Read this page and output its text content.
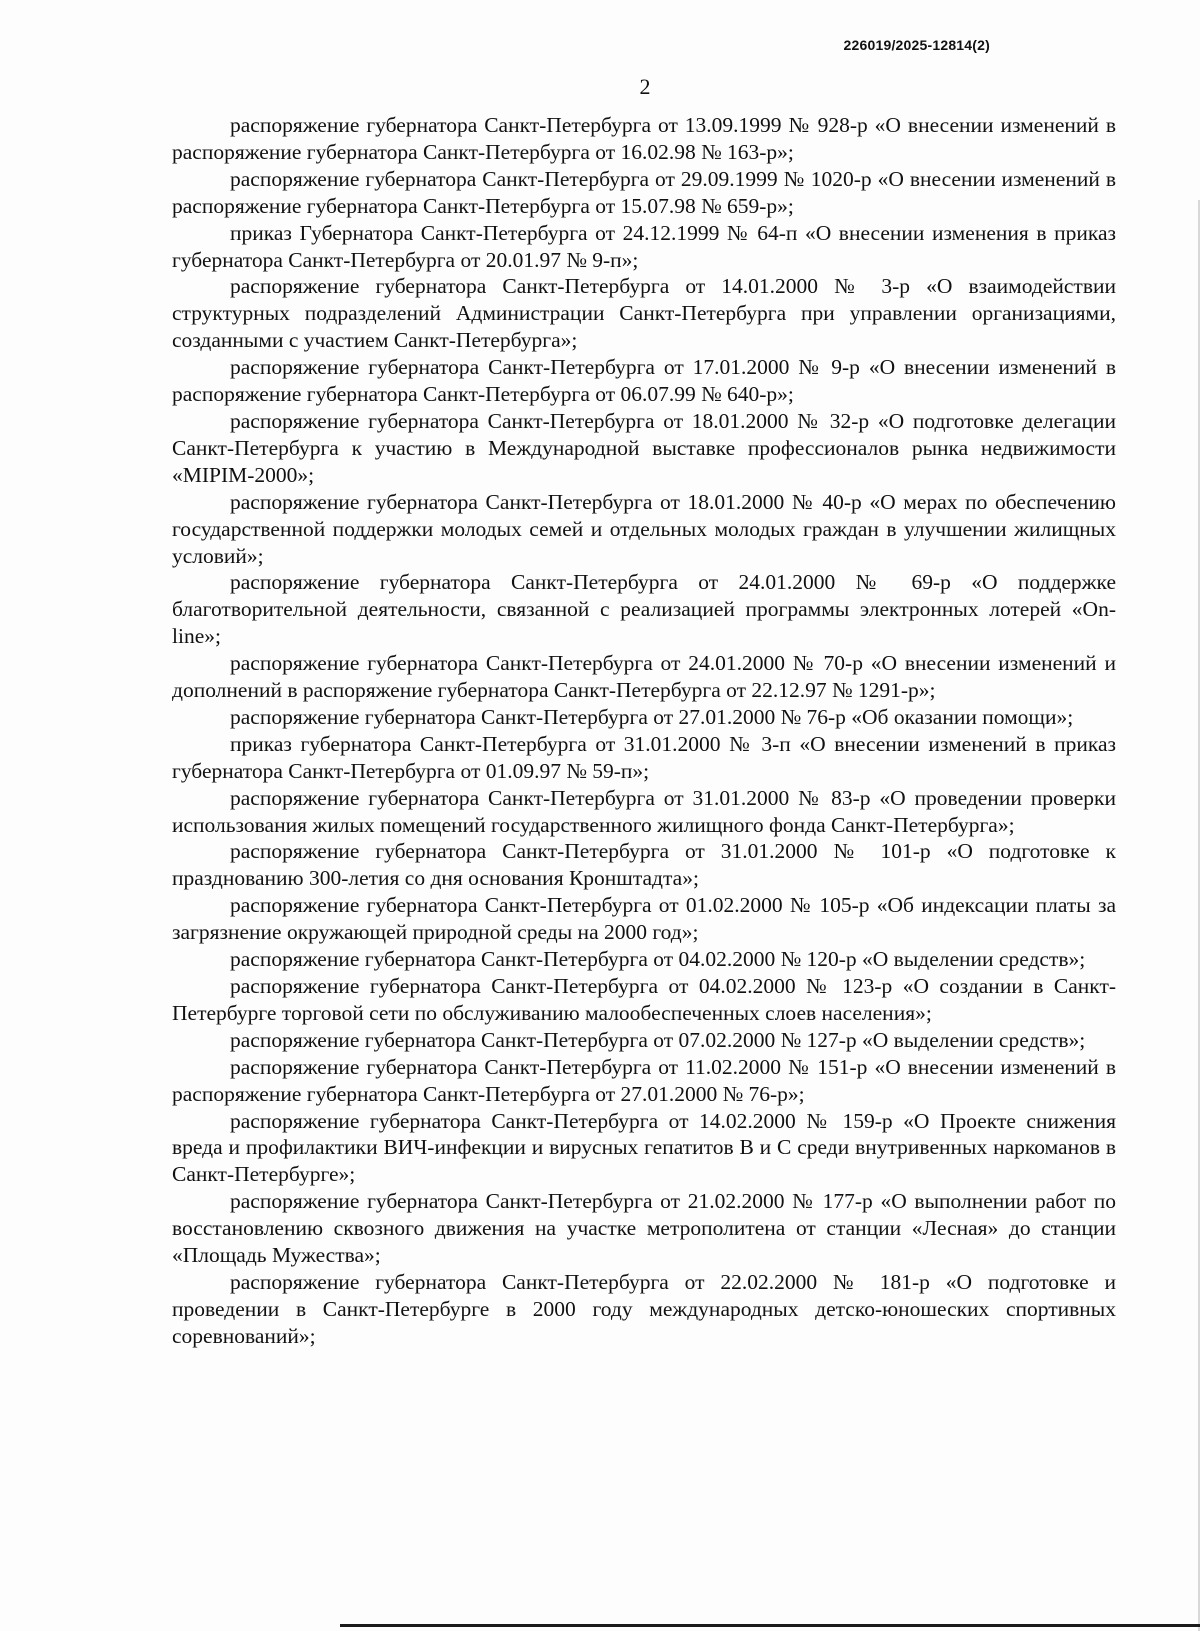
226019/2025-12814(2)
2

распоряжение губернатора Санкт-Петербурга от 13.09.1999 № 928-р «О внесении изменений в распоряжение губернатора Санкт-Петербурга от 16.02.98 № 163-р»;

распоряжение губернатора Санкт-Петербурга от 29.09.1999 № 1020-р «О внесении изменений в распоряжение губернатора Санкт-Петербурга от 15.07.98 № 659-р»;

приказ Губернатора Санкт-Петербурга от 24.12.1999 № 64-п «О внесении изменения в приказ губернатора Санкт-Петербурга от 20.01.97 № 9-п»;

распоряжение губернатора Санкт-Петербурга от 14.01.2000 № 3-р «О взаимодействии структурных подразделений Администрации Санкт-Петербурга при управлении организациями, созданными с участием Санкт-Петербурга»;

распоряжение губернатора Санкт-Петербурга от 17.01.2000 № 9-р «О внесении изменений в распоряжение губернатора Санкт-Петербурга от 06.07.99 № 640-р»;

распоряжение губернатора Санкт-Петербурга от 18.01.2000 № 32-р «О подготовке делегации Санкт-Петербурга к участию в Международной выставке профессионалов рынка недвижимости «MIPIM-2000»;

распоряжение губернатора Санкт-Петербурга от 18.01.2000 № 40-р «О мерах по обеспечению государственной поддержки молодых семей и отдельных молодых граждан в улучшении жилищных условий»;

распоряжение губернатора Санкт-Петербурга от 24.01.2000 № 69-р «О поддержке благотворительной деятельности, связанной с реализацией программы электронных лотерей «On-line»;

распоряжение губернатора Санкт-Петербурга от 24.01.2000 № 70-р «О внесении изменений и дополнений в распоряжение губернатора Санкт-Петербурга от 22.12.97 № 1291-р»;

распоряжение губернатора Санкт-Петербурга от 27.01.2000 № 76-р «Об оказании помощи»;

приказ губернатора Санкт-Петербурга от 31.01.2000 № 3-п «О внесении изменений в приказ губернатора Санкт-Петербурга от 01.09.97 № 59-п»;

распоряжение губернатора Санкт-Петербурга от 31.01.2000 № 83-р «О проведении проверки использования жилых помещений государственного жилищного фонда Санкт-Петербурга»;

распоряжение губернатора Санкт-Петербурга от 31.01.2000 № 101-р «О подготовке к празднованию 300-летия со дня основания Кронштадта»;

распоряжение губернатора Санкт-Петербурга от 01.02.2000 № 105-р «Об индексации платы за загрязнение окружающей природной среды на 2000 год»;

распоряжение губернатора Санкт-Петербурга от 04.02.2000 № 120-р «О выделении средств»;

распоряжение губернатора Санкт-Петербурга от 04.02.2000 № 123-р «О создании в Санкт-Петербурге торговой сети по обслуживанию малообеспеченных слоев населения»;

распоряжение губернатора Санкт-Петербурга от 07.02.2000 № 127-р «О выделении средств»;

распоряжение губернатора Санкт-Петербурга от 11.02.2000 № 151-р «О внесении изменений в распоряжение губернатора Санкт-Петербурга от 27.01.2000 № 76-р»;

распоряжение губернатора Санкт-Петербурга от 14.02.2000 № 159-р «О Проекте снижения вреда и профилактики ВИЧ-инфекции и вирусных гепатитов В и С среди внутривенных наркоманов в Санкт-Петербурге»;

распоряжение губернатора Санкт-Петербурга от 21.02.2000 № 177-р «О выполнении работ по восстановлению сквозного движения на участке метрополитена от станции «Лесная» до станции «Площадь Мужества»;

распоряжение губернатора Санкт-Петербурга от 22.02.2000 № 181-р «О подготовке и проведении в Санкт-Петербурге в 2000 году международных детско-юношеских спортивных соревнований»;
